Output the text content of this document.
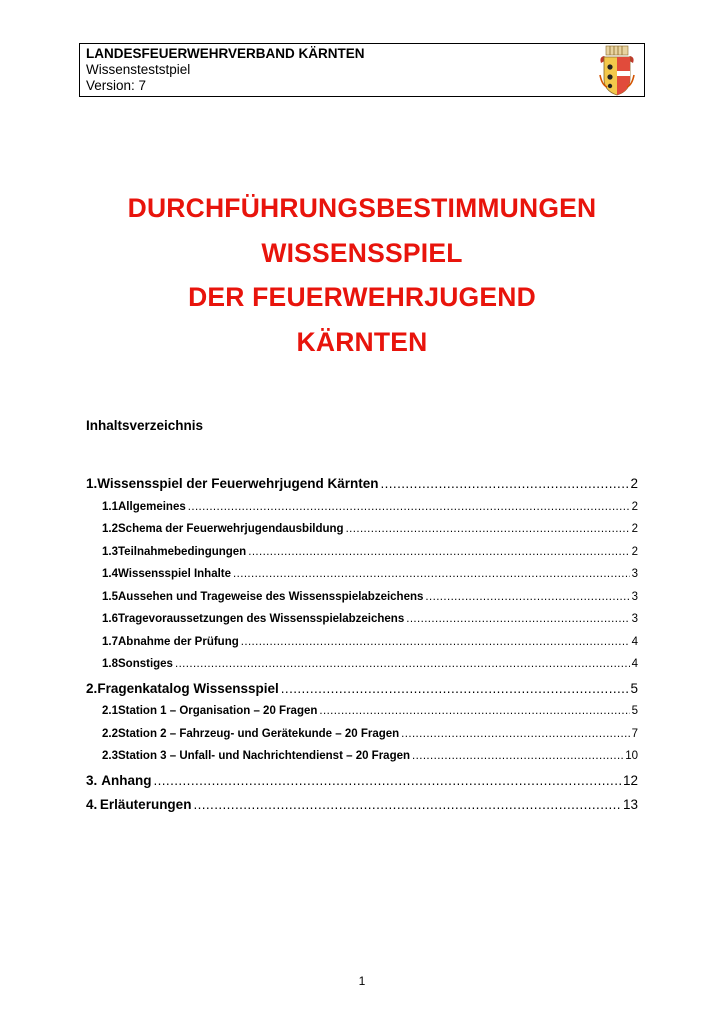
LANDESFEUERWEHRVERBAND KÄRNTEN
Wissensteststpiel
Version: 7
DURCHFÜHRUNGSBESTIMMUNGEN
WISSENSSPIEL
DER FEUERWEHRJUGEND
KÄRNTEN
Inhaltsverzeichnis
1. Wissensspiel der Feuerwehrjugend Kärnten .....	2
1.1 Allgemeines .....	2
1.2 Schema der Feuerwehrjugendausbildung .....	2
1.3 Teilnahmebedingungen .....	2
1.4 Wissensspiel Inhalte .....	3
1.5 Aussehen und Trageweise des Wissensspielabzeichens .....	3
1.6 Tragevoraussetzungen des Wissensspielabzeichens .....	3
1.7 Abnahme der Prüfung .....	4
1.8 Sonstiges .....	4
2. Fragenkatalog Wissensspiel .....	5
2.1 Station 1 – Organisation – 20 Fragen .....	5
2.2 Station 2 – Fahrzeug- und Gerätekunde – 20 Fragen .....	7
2.3 Station 3 – Unfall- und Nachrichtendienst – 20 Fragen .....	10
3. Anhang .....	12
4. Erläuterungen .....	13
1
